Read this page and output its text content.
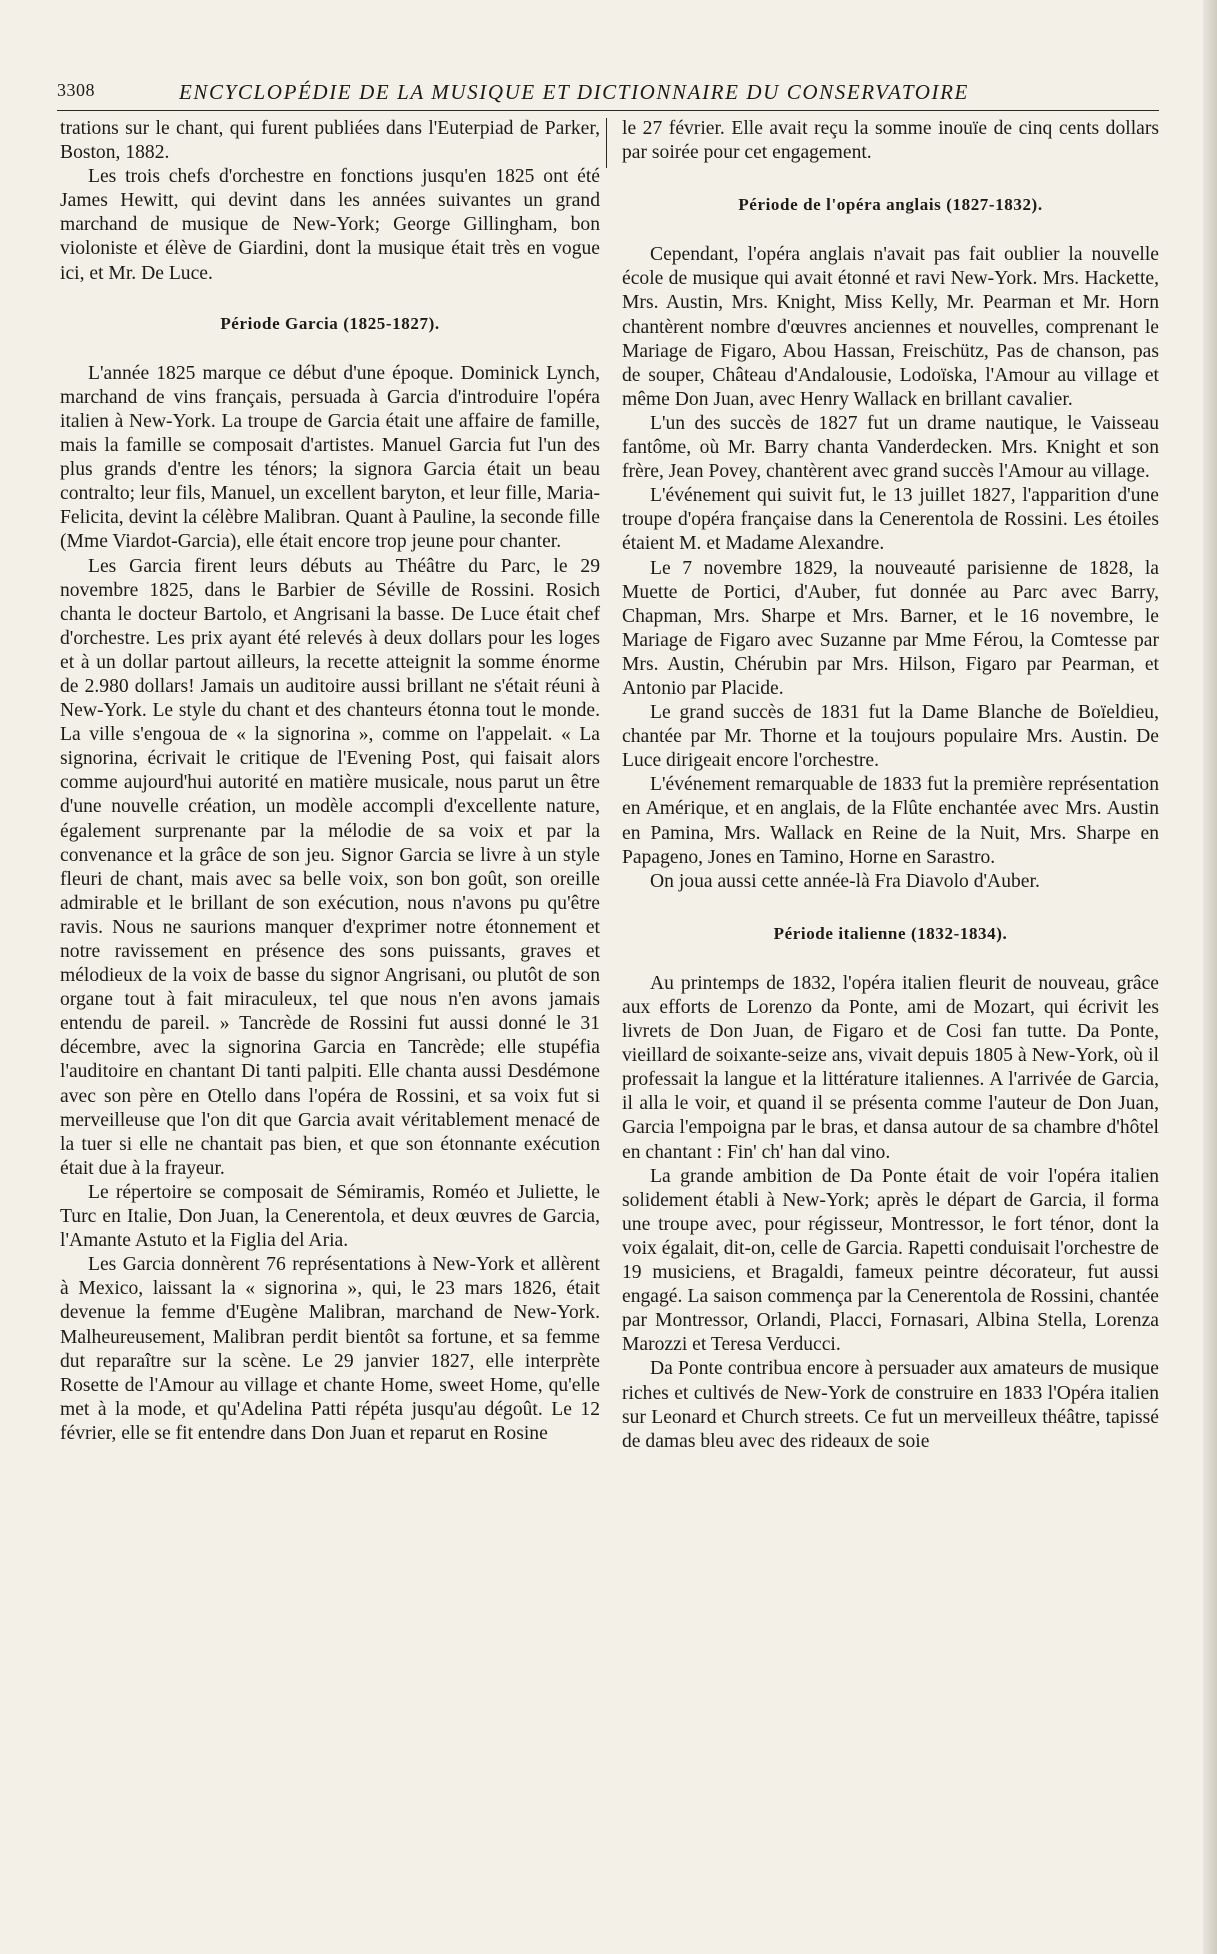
3308	ENCYCLOPÉDIE DE LA MUSIQUE ET DICTIONNAIRE DU CONSERVATOIRE

trations sur le chant, qui furent publiées dans l'Euterpiad de Parker, Boston, 1882.

Les trois chefs d'orchestre en fonctions jusqu'en 1825 ont été James Hewitt, qui devint dans les années suivantes un grand marchand de musique de New-York; George Gillingham, bon violoniste et élève de Giardini, dont la musique était très en vogue ici, et Mr. De Luce.

Période Garcia (1825-1827).

L'année 1825 marque ce début d'une époque. Dominick Lynch, marchand de vins français, persuada à Garcia d'introduire l'opéra italien à New-York. La troupe de Garcia était une affaire de famille, mais la famille se composait d'artistes. Manuel Garcia fut l'un des plus grands d'entre les ténors; la signora Garcia était un beau contralto; leur fils, Manuel, un excellent baryton, et leur fille, Maria-Felicita, devint la célèbre Malibran. Quant à Pauline, la seconde fille (Mme Viardot-Garcia), elle était encore trop jeune pour chanter.

Les Garcia firent leurs débuts au Théâtre du Parc, le 29 novembre 1825, dans le Barbier de Séville de Rossini. Rosich chanta le docteur Bartolo, et Angrisani la basse. De Luce était chef d'orchestre. Les prix ayant été relevés à deux dollars pour les loges et à un dollar partout ailleurs, la recette atteignit la somme énorme de 2.980 dollars! Jamais un auditoire aussi brillant ne s'était réuni à New-York. Le style du chant et des chanteurs étonna tout le monde. La ville s'engoua de « la signorina », comme on l'appelait. « La signorina, écrivait le critique de l'Evening Post, qui faisait alors comme aujourd'hui autorité en matière musicale, nous parut un être d'une nouvelle création, un modèle accompli d'excellente nature, également surprenante par la mélodie de sa voix et par la convenance et la grâce de son jeu. Signor Garcia se livre à un style fleuri de chant, mais avec sa belle voix, son bon goût, son oreille admirable et le brillant de son exécution, nous n'avons pu qu'être ravis. Nous ne saurions manquer d'exprimer notre étonnement et notre ravissement en présence des sons puissants, graves et mélodieux de la voix de basse du signor Angrisani, ou plutôt de son organe tout à fait miraculeux, tel que nous n'en avons jamais entendu de pareil. » Tancrède de Rossini fut aussi donné le 31 décembre, avec la signorina Garcia en Tancrède; elle stupéfia l'auditoire en chantant Di tanti palpiti. Elle chanta aussi Desdémone avec son père en Otello dans l'opéra de Rossini, et sa voix fut si merveilleuse que l'on dit que Garcia avait véritablement menacé de la tuer si elle ne chantait pas bien, et que son étonnante exécution était due à la frayeur.

Le répertoire se composait de Sémiramis, Roméo et Juliette, le Turc en Italie, Don Juan, la Cenerentola, et deux œuvres de Garcia, l'Amante Astuto et la Figlia del Aria.

Les Garcia donnèrent 76 représentations à New-York et allèrent à Mexico, laissant la « signorina », qui, le 23 mars 1826, était devenue la femme d'Eugène Malibran, marchand de New-York. Malheureusement, Malibran perdit bientôt sa fortune, et sa femme dut reparaître sur la scène. Le 29 janvier 1827, elle interprète Rosette de l'Amour au village et chante Home, sweet Home, qu'elle met à la mode, et qu'Adelina Patti répéta jusqu'au dégoût. Le 12 février, elle se fit entendre dans Don Juan et reparut en Rosine

le 27 février. Elle avait reçu la somme inouïe de cinq cents dollars par soirée pour cet engagement.

Période de l'opéra anglais (1827-1832).

Cependant, l'opéra anglais n'avait pas fait oublier la nouvelle école de musique qui avait étonné et ravi New-York. Mrs. Hackette, Mrs. Austin, Mrs. Knight, Miss Kelly, Mr. Pearman et Mr. Horn chantèrent nombre d'œuvres anciennes et nouvelles, comprenant le Mariage de Figaro, Abou Hassan, Freischütz, Pas de chanson, pas de souper, Château d'Andalousie, Lodoïska, l'Amour au village et même Don Juan, avec Henry Wallack en brillant cavalier.

L'un des succès de 1827 fut un drame nautique, le Vaisseau fantôme, où Mr. Barry chanta Vanderdecken. Mrs. Knight et son frère, Jean Povey, chantèrent avec grand succès l'Amour au village.

L'événement qui suivit fut, le 13 juillet 1827, l'apparition d'une troupe d'opéra française dans la Cenerentola de Rossini. Les étoiles étaient M. et Madame Alexandre.

Le 7 novembre 1829, la nouveauté parisienne de 1828, la Muette de Portici, d'Auber, fut donnée au Parc avec Barry, Chapman, Mrs. Sharpe et Mrs. Barner, et le 16 novembre, le Mariage de Figaro avec Suzanne par Mme Férou, la Comtesse par Mrs. Austin, Chérubin par Mrs. Hilson, Figaro par Pearman, et Antonio par Placide.

Le grand succès de 1831 fut la Dame Blanche de Boïeldieu, chantée par Mr. Thorne et la toujours populaire Mrs. Austin. De Luce dirigeait encore l'orchestre.

L'événement remarquable de 1833 fut la première représentation en Amérique, et en anglais, de la Flûte enchantée avec Mrs. Austin en Pamina, Mrs. Wallack en Reine de la Nuit, Mrs. Sharpe en Papageno, Jones en Tamino, Horne en Sarastro.

On joua aussi cette année-là Fra Diavolo d'Auber.

Période italienne (1832-1834).

Au printemps de 1832, l'opéra italien fleurit de nouveau, grâce aux efforts de Lorenzo da Ponte, ami de Mozart, qui écrivit les livrets de Don Juan, de Figaro et de Cosi fan tutte. Da Ponte, vieillard de soixante-seize ans, vivait depuis 1805 à New-York, où il professait la langue et la littérature italiennes. A l'arrivée de Garcia, il alla le voir, et quand il se présenta comme l'auteur de Don Juan, Garcia l'empoigna par le bras, et dansa autour de sa chambre d'hôtel en chantant : Fin' ch' han dal vino.

La grande ambition de Da Ponte était de voir l'opéra italien solidement établi à New-York; après le départ de Garcia, il forma une troupe avec, pour régisseur, Montressor, le fort ténor, dont la voix égalait, dit-on, celle de Garcia. Rapetti conduisait l'orchestre de 19 musiciens, et Bragaldi, fameux peintre décorateur, fut aussi engagé. La saison commença par la Cenerentola de Rossini, chantée par Montressor, Orlandi, Placci, Fornasari, Albina Stella, Lorenza Marozzi et Teresa Verducci.

Da Ponte contribua encore à persuader aux amateurs de musique riches et cultivés de New-York de construire en 1833 l'Opéra italien sur Leonard et Church streets. Ce fut un merveilleux théâtre, tapissé de damas bleu avec des rideaux de soie
